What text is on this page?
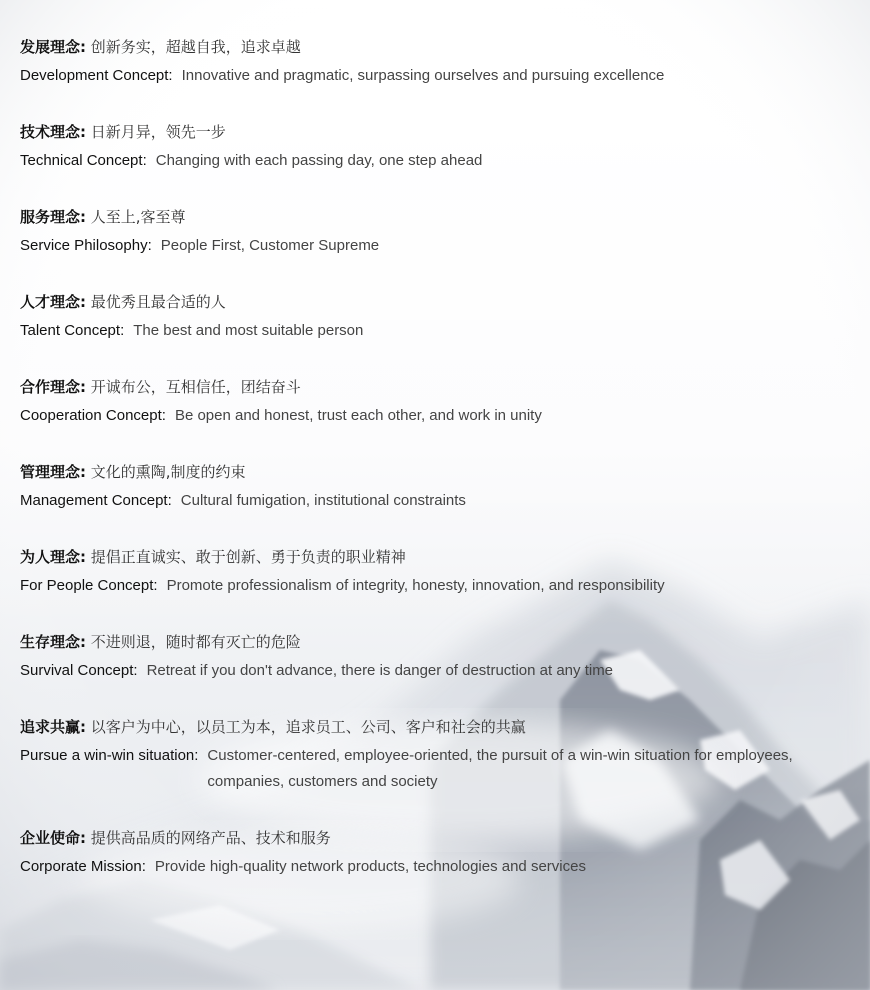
发展理念: 创新务实，超越自我，追求卓越
Development Concept: Innovative and pragmatic, surpassing ourselves and pursuing excellence
技术理念: 日新月异，领先一步
Technical Concept: Changing with each passing day, one step ahead
服务理念: 人至上,客至尊
Service Philosophy: People First, Customer Supreme
人才理念: 最优秀且最合适的人
Talent Concept: The best and most suitable person
合作理念: 开诚布公，互相信任，团结奋斗
Cooperation Concept: Be open and honest, trust each other, and work in unity
管理理念: 文化的熏陶,制度的约束
Management Concept: Cultural fumigation, institutional constraints
为人理念: 提倡正直诚实、敢于创新、勇于负责的职业精神
For People Concept: Promote professionalism of integrity, honesty, innovation, and responsibility
生存理念: 不进则退，随时都有灭亡的危险
Survival Concept: Retreat if you don't advance, there is danger of destruction at any time
追求共赢: 以客户为中心，以员工为本，追求员工、公司、客户和社会的共赢
Pursue a win-win situation: Customer-centered, employee-oriented, the pursuit of a win-win situation for employees, companies, customers and society
企业使命: 提供高品质的网络产品、技术和服务
Corporate Mission: Provide high-quality network products, technologies and services
